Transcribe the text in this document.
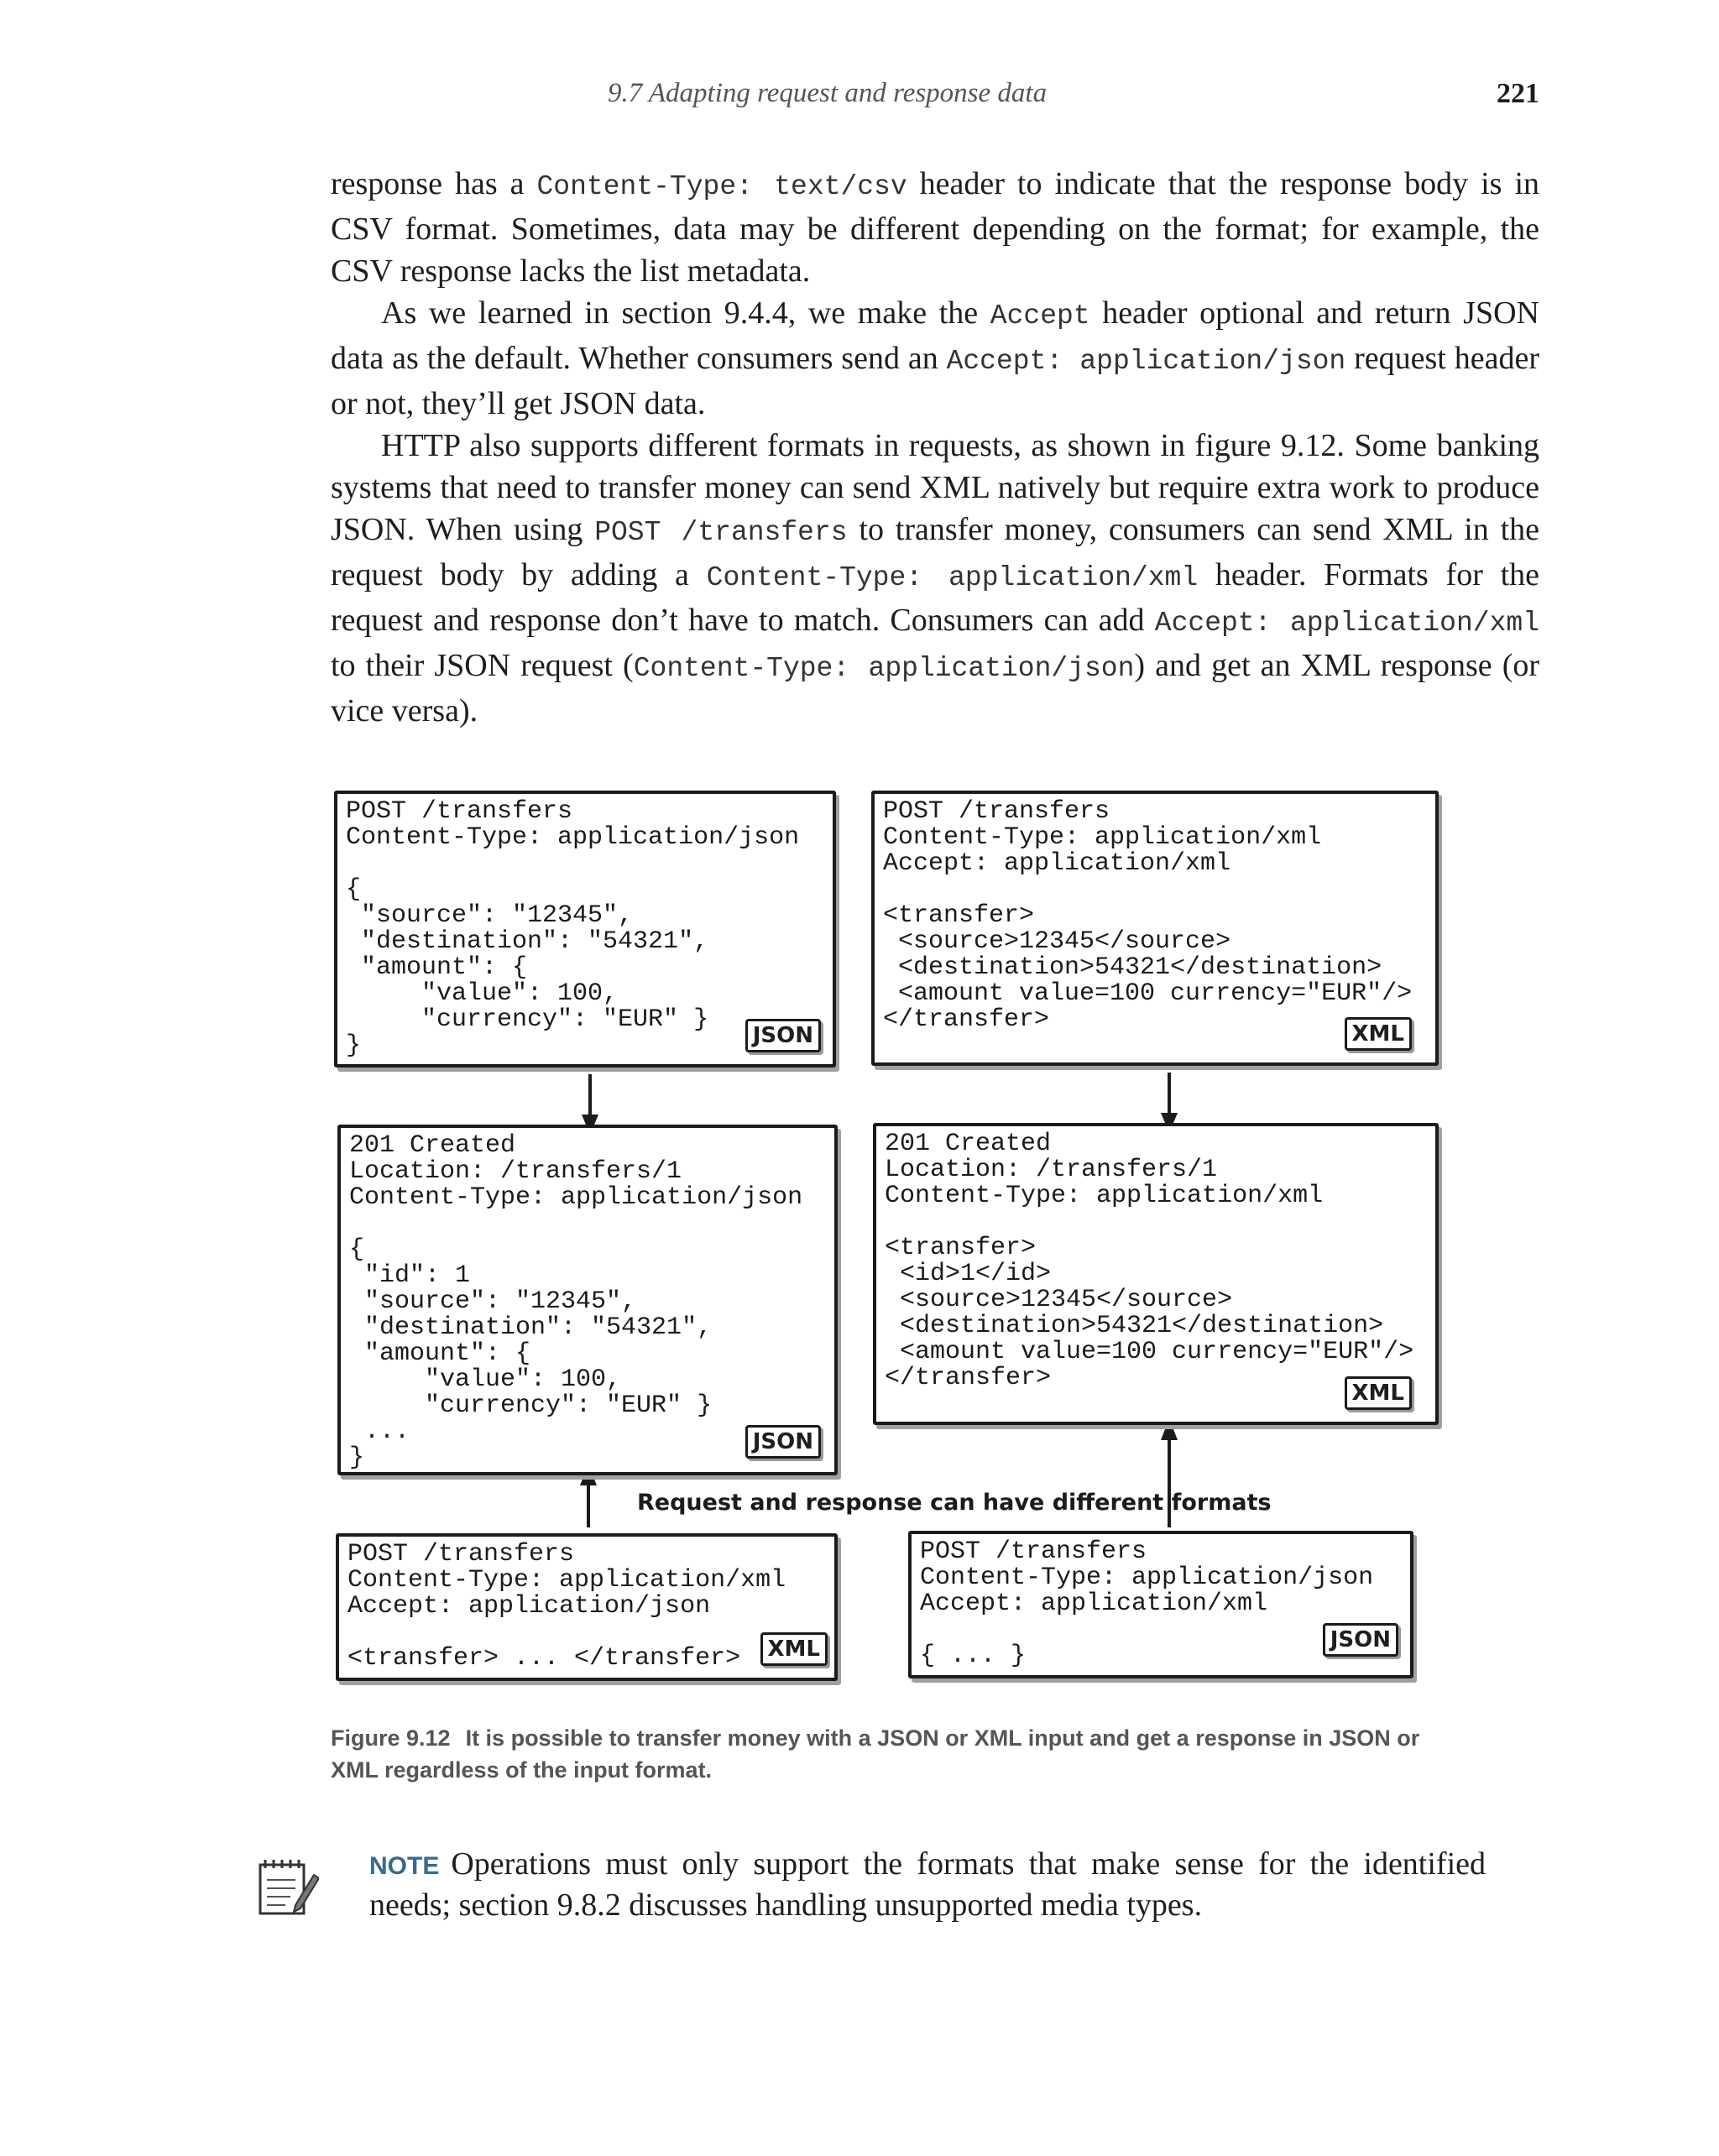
9.7 Adapting request and response data	221

response has a Content-Type: text/csv header to indicate that the response body is in CSV format. Sometimes, data may be different depending on the format; for example, the CSV response lacks the list metadata.

As we learned in section 9.4.4, we make the Accept header optional and return JSON data as the default. Whether consumers send an Accept: application/json request header or not, they’ll get JSON data.

HTTP also supports different formats in requests, as shown in figure 9.12. Some banking systems that need to transfer money can send XML natively but require extra work to produce JSON. When using POST /transfers to transfer money, consumers can send XML in the request body by adding a Content-Type: application/xml header. Formats for the request and response don’t have to match. Consumers can add Accept: application/xml to their JSON request (Content-Type: application/json) and get an XML response (or vice versa).

POST /transfers
Content-Type: application/json

{
"source": "12345",
"destination": "54321",
"amount": {
"value": 100,
"currency": "EUR" }
}	JSON
POST /transfers
Content-Type: application/xml
Accept: application/xml

<transfer>
<source>12345</source>
<destination>54321</destination>
<amount value=100 currency="EUR"/>
</transfer>	XML
201 Created
Location: /transfers/1
Content-Type: application/json

{
"id": 1
"source": "12345",
"destination": "54321",
"amount": {
"value": 100,
"currency": "EUR" }
...
}
JSON
201 Created
Location: /transfers/1
Content-Type: application/xml

<transfer>
<id>1</id>
<source>12345</source>
<destination>54321</destination>
<amount value=100 currency="EUR"/>
</transfer>
XML
Request and response can have different formats
POST /transfers
Content-Type: application/xml
Accept: application/json

<transfer> ... </transfer>	XML
POST /transfers
Content-Type: application/json
Accept: application/xml

{ ... }
JSON
Figure 9.12 It is possible to transfer money with a JSON or XML input and get a response in JSON or XML regardless of the input format.
NOTE Operations must only support the formats that make sense for the identified needs; section 9.8.2 discusses handling unsupported media types.
